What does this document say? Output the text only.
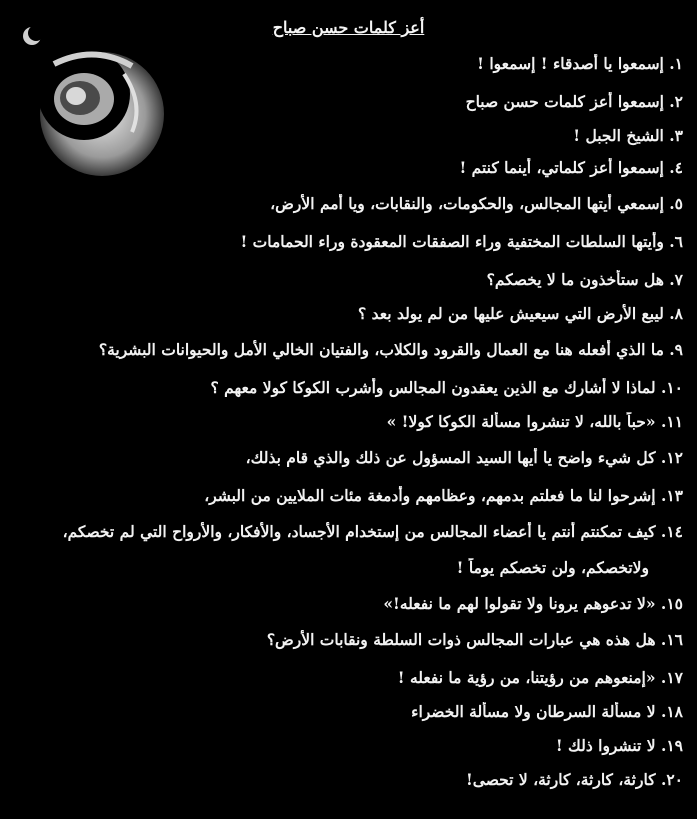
أعز كلمات حسن صباح
١. إسمعوا يا أصدقاء ! إسمعوا !
٢. إسمعوا أعز كلمات حسن صباح
٣. الشيخ الجبل !
٤. إسمعوا أعز كلماتي، أينما كنتم !
٥. إسمعي أيتها المجالس، والحكومات، والنقابات، ويا أمم الأرض،
٦. وأيتها السلطات المختفية وراء الصفقات المعقودة وراء الحمامات !
٧. هل ستأخذون ما لا يخصكم؟
٨. ليبع الأرض التي سيعيش عليها من لم يولد بعد ؟
٩. ما الذي أفعله هنا مع العمال والقرود والكلاب، والفتيان الخالي الأمل والحيوانات البشرية؟
١٠. لماذا لا أشارك مع الذين يعقدون المجالس وأشرب الكوكا كولا معهم ؟
١١. «حباً بالله، لا تنشروا مسألة الكوكا كولا! »
١٢. كل شيء واضح يا أيها السيد المسؤول عن ذلك والذي قام بذلك،
١٣. إشرحوا لنا ما فعلتم بدمهم، وعظامهم وأدمغة مئات الملايين من البشر،
١٤. كيف تمكنتم أنتم يا أعضاء المجالس من إستخدام الأجساد، والأفكار، والأرواح التي لم تخصكم،
ولاتخصكم، ولن تخصكم يوماً !
١٥. «لا تدعوهم يرونا ولا تقولوا لهم ما نفعله!»
١٦. هل هذه هي عبارات المجالس ذوات السلطة ونقابات الأرض؟
١٧. «إمنعوهم من رؤيتنا، من رؤية ما نفعله !
١٨. لا مسألة السرطان ولا مسألة الخضراء
١٩. لا تنشروا ذلك !
٢٠. كارثة، كارثة، كارثة، لا تحصى!
